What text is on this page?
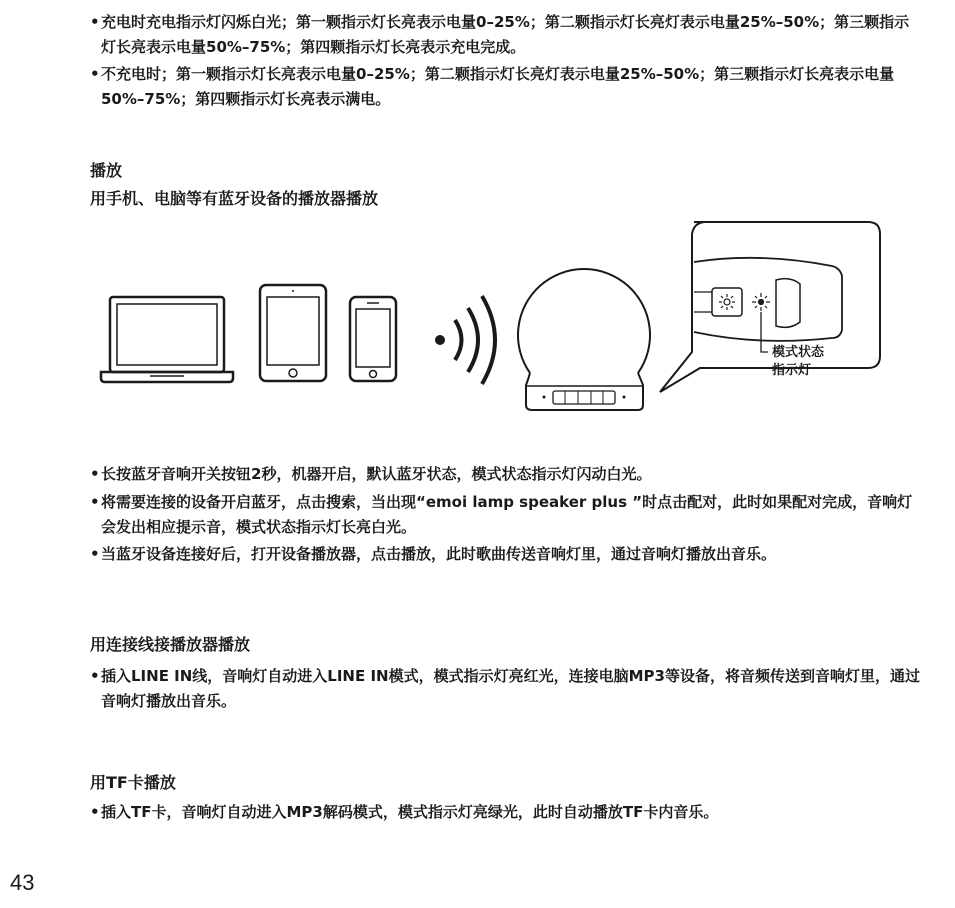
•充电时充电指示灯闪烁白光；第一颗指示灯长亮表示电量0–25%；第二颗指示灯长亮灯表示电量25%–50%；第三颗指示灯长亮表示电量50%–75%；第四颗指示灯长亮表示充电完成。

•不充电时；第一颗指示灯长亮表示电量0–25%；第二颗指示灯长亮灯表示电量25%–50%；第三颗指示灯长亮表示电量50%–75%；第四颗指示灯长亮表示满电。

播放

用手机、电脑等有蓝牙设备的播放器播放

模式状态
指示灯

•长按蓝牙音响开关按钮2秒，机器开启，默认蓝牙状态，模式状态指示灯闪动白光。

•将需要连接的设备开启蓝牙，点击搜索，当出现“emoi lamp speaker plus ”时点击配对，此时如果配对完成，音响灯会发出相应提示音，模式状态指示灯长亮白光。

•当蓝牙设备连接好后，打开设备播放器，点击播放，此时歌曲传送音响灯里，通过音响灯播放出音乐。

用连接线接播放器播放

•插入LINE IN线，音响灯自动进入LINE IN模式，模式指示灯亮红光，连接电脑MP3等设备，将音频传送到音响灯里，通过音响灯播放出音乐。

用TF卡播放

•插入TF卡，音响灯自动进入MP3解码模式，模式指示灯亮绿光，此时自动播放TF卡内音乐。

43
